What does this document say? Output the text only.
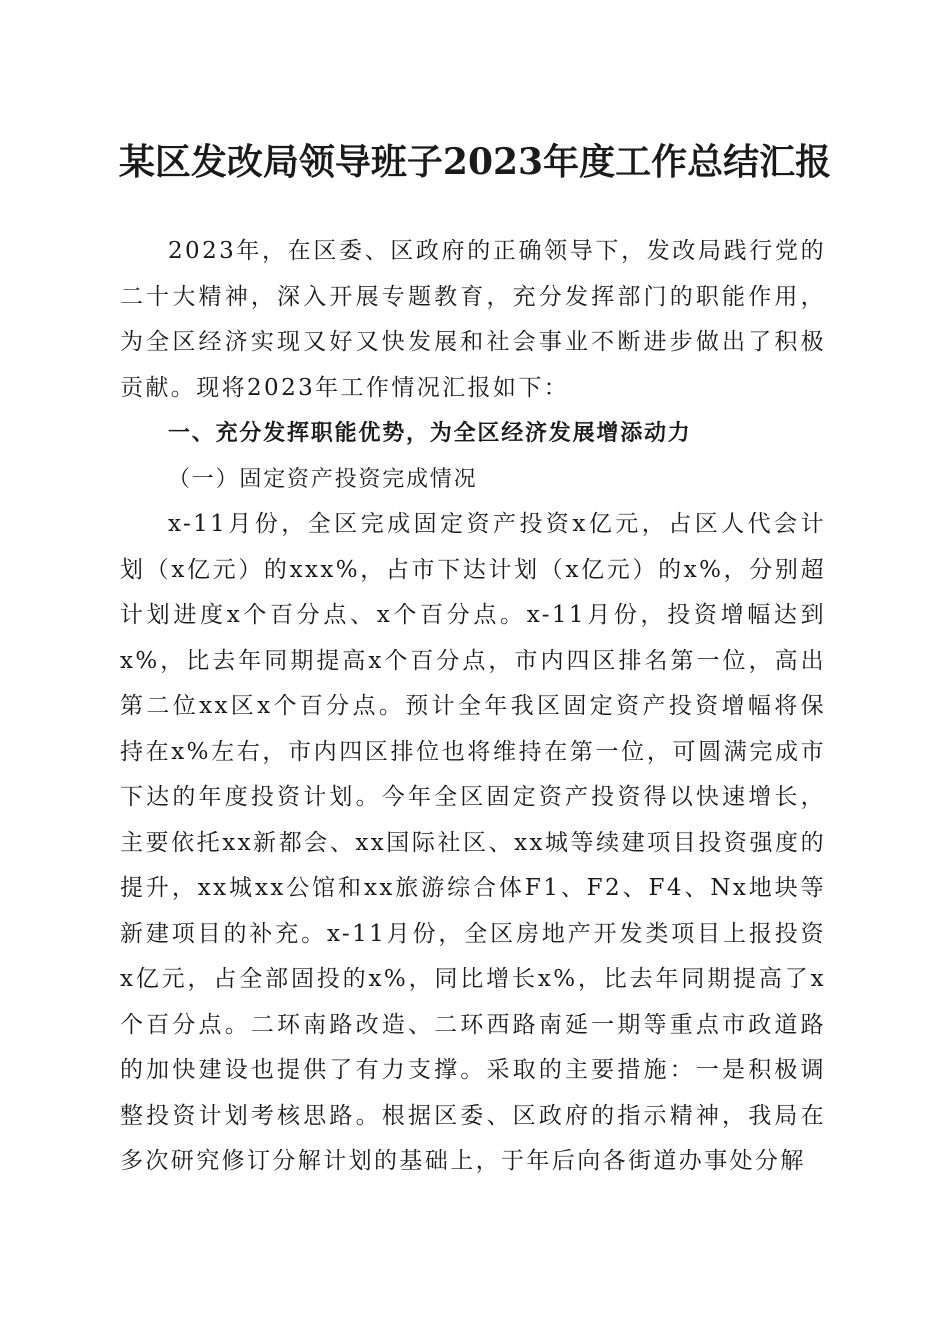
某区发改局领导班子2023年度工作总结汇报

2023年，在区委、区政府的正确领导下，发改局践行党的二十大精神，深入开展专题教育，充分发挥部门的职能作用，为全区经济实现又好又快发展和社会事业不断进步做出了积极贡献。现将2023年工作情况汇报如下：

一、充分发挥职能优势，为全区经济发展增添动力

（一）固定资产投资完成情况

x-11月份，全区完成固定资产投资x亿元，占区人代会计划（x亿元）的xxx%，占市下达计划（x亿元）的x%，分别超计划进度x个百分点、x个百分点。x-11月份，投资增幅达到x%，比去年同期提高x个百分点，市内四区排名第一位，高出第二位xx区x个百分点。预计全年我区固定资产投资增幅将保持在x%左右，市内四区排位也将维持在第一位，可圆满完成市下达的年度投资计划。今年全区固定资产投资得以快速增长，主要依托xx新都会、xx国际社区、xx城等续建项目投资强度的提升，xx城xx公馆和xx旅游综合体F1、F2、F4、Nx地块等新建项目的补充。x-11月份，全区房地产开发类项目上报投资x亿元，占全部固投的x%，同比增长x%，比去年同期提高了x个百分点。二环南路改造、二环西路南延一期等重点市政道路的加快建设也提供了有力支撑。采取的主要措施：一是积极调整投资计划考核思路。根据区委、区政府的指示精神，我局在多次研究修订分解计划的基础上，于年后向各街道办事处分解
